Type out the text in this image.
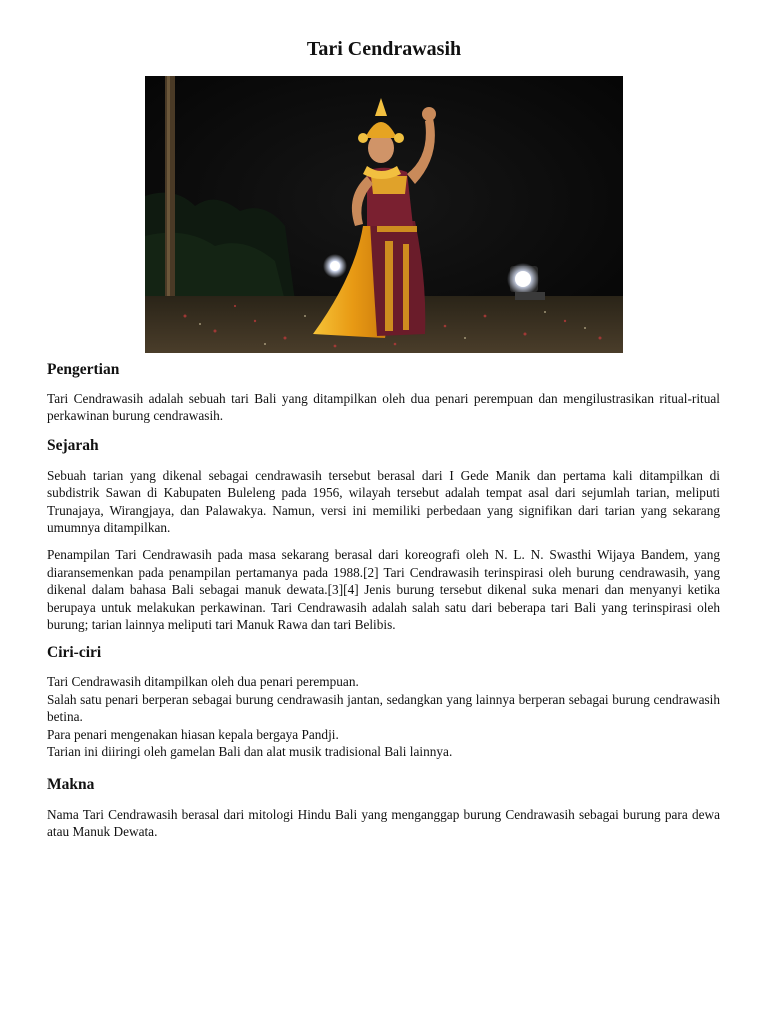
Tari Cendrawasih
Pengertian

Tari Cendrawasih adalah sebuah tari Bali yang ditampilkan oleh dua penari perempuan dan mengilustrasikan ritual-ritual perkawinan burung cendrawasih.

Sejarah

Sebuah tarian yang dikenal sebagai cendrawasih tersebut berasal dari I Gede Manik dan pertama kali ditampilkan di subdistrik Sawan di Kabupaten Buleleng pada 1956, wilayah tersebut adalah tempat asal dari sejumlah tarian, meliputi Trunajaya, Wirangjaya, dan Palawakya. Namun, versi ini memiliki perbedaan yang signifikan dari tarian yang sekarang umumnya ditampilkan.

Penampilan Tari Cendrawasih pada masa sekarang berasal dari koreografi oleh N. L. N. Swasthi Wijaya Bandem, yang diaransemenkan pada penampilan pertamanya pada 1988.[2] Tari Cendrawasih terinspirasi oleh burung cendrawasih, yang dikenal dalam bahasa Bali sebagai manuk dewata.[3][4] Jenis burung tersebut dikenal suka menari dan menyanyi ketika berupaya untuk melakukan perkawinan. Tari Cendrawasih adalah salah satu dari beberapa tari Bali yang terinspirasi oleh burung; tarian lainnya meliputi tari Manuk Rawa dan tari Belibis.

Ciri-ciri

Tari Cendrawasih ditampilkan oleh dua penari perempuan.

Salah satu penari berperan sebagai burung cendrawasih jantan, sedangkan yang lainnya berperan sebagai burung cendrawasih betina.

Para penari mengenakan hiasan kepala bergaya Pandji.

Tarian ini diiringi oleh gamelan Bali dan alat musik tradisional Bali lainnya.

Makna

Nama Tari Cendrawasih berasal dari mitologi Hindu Bali yang menganggap burung Cendrawasih sebagai burung para dewa atau Manuk Dewata.
